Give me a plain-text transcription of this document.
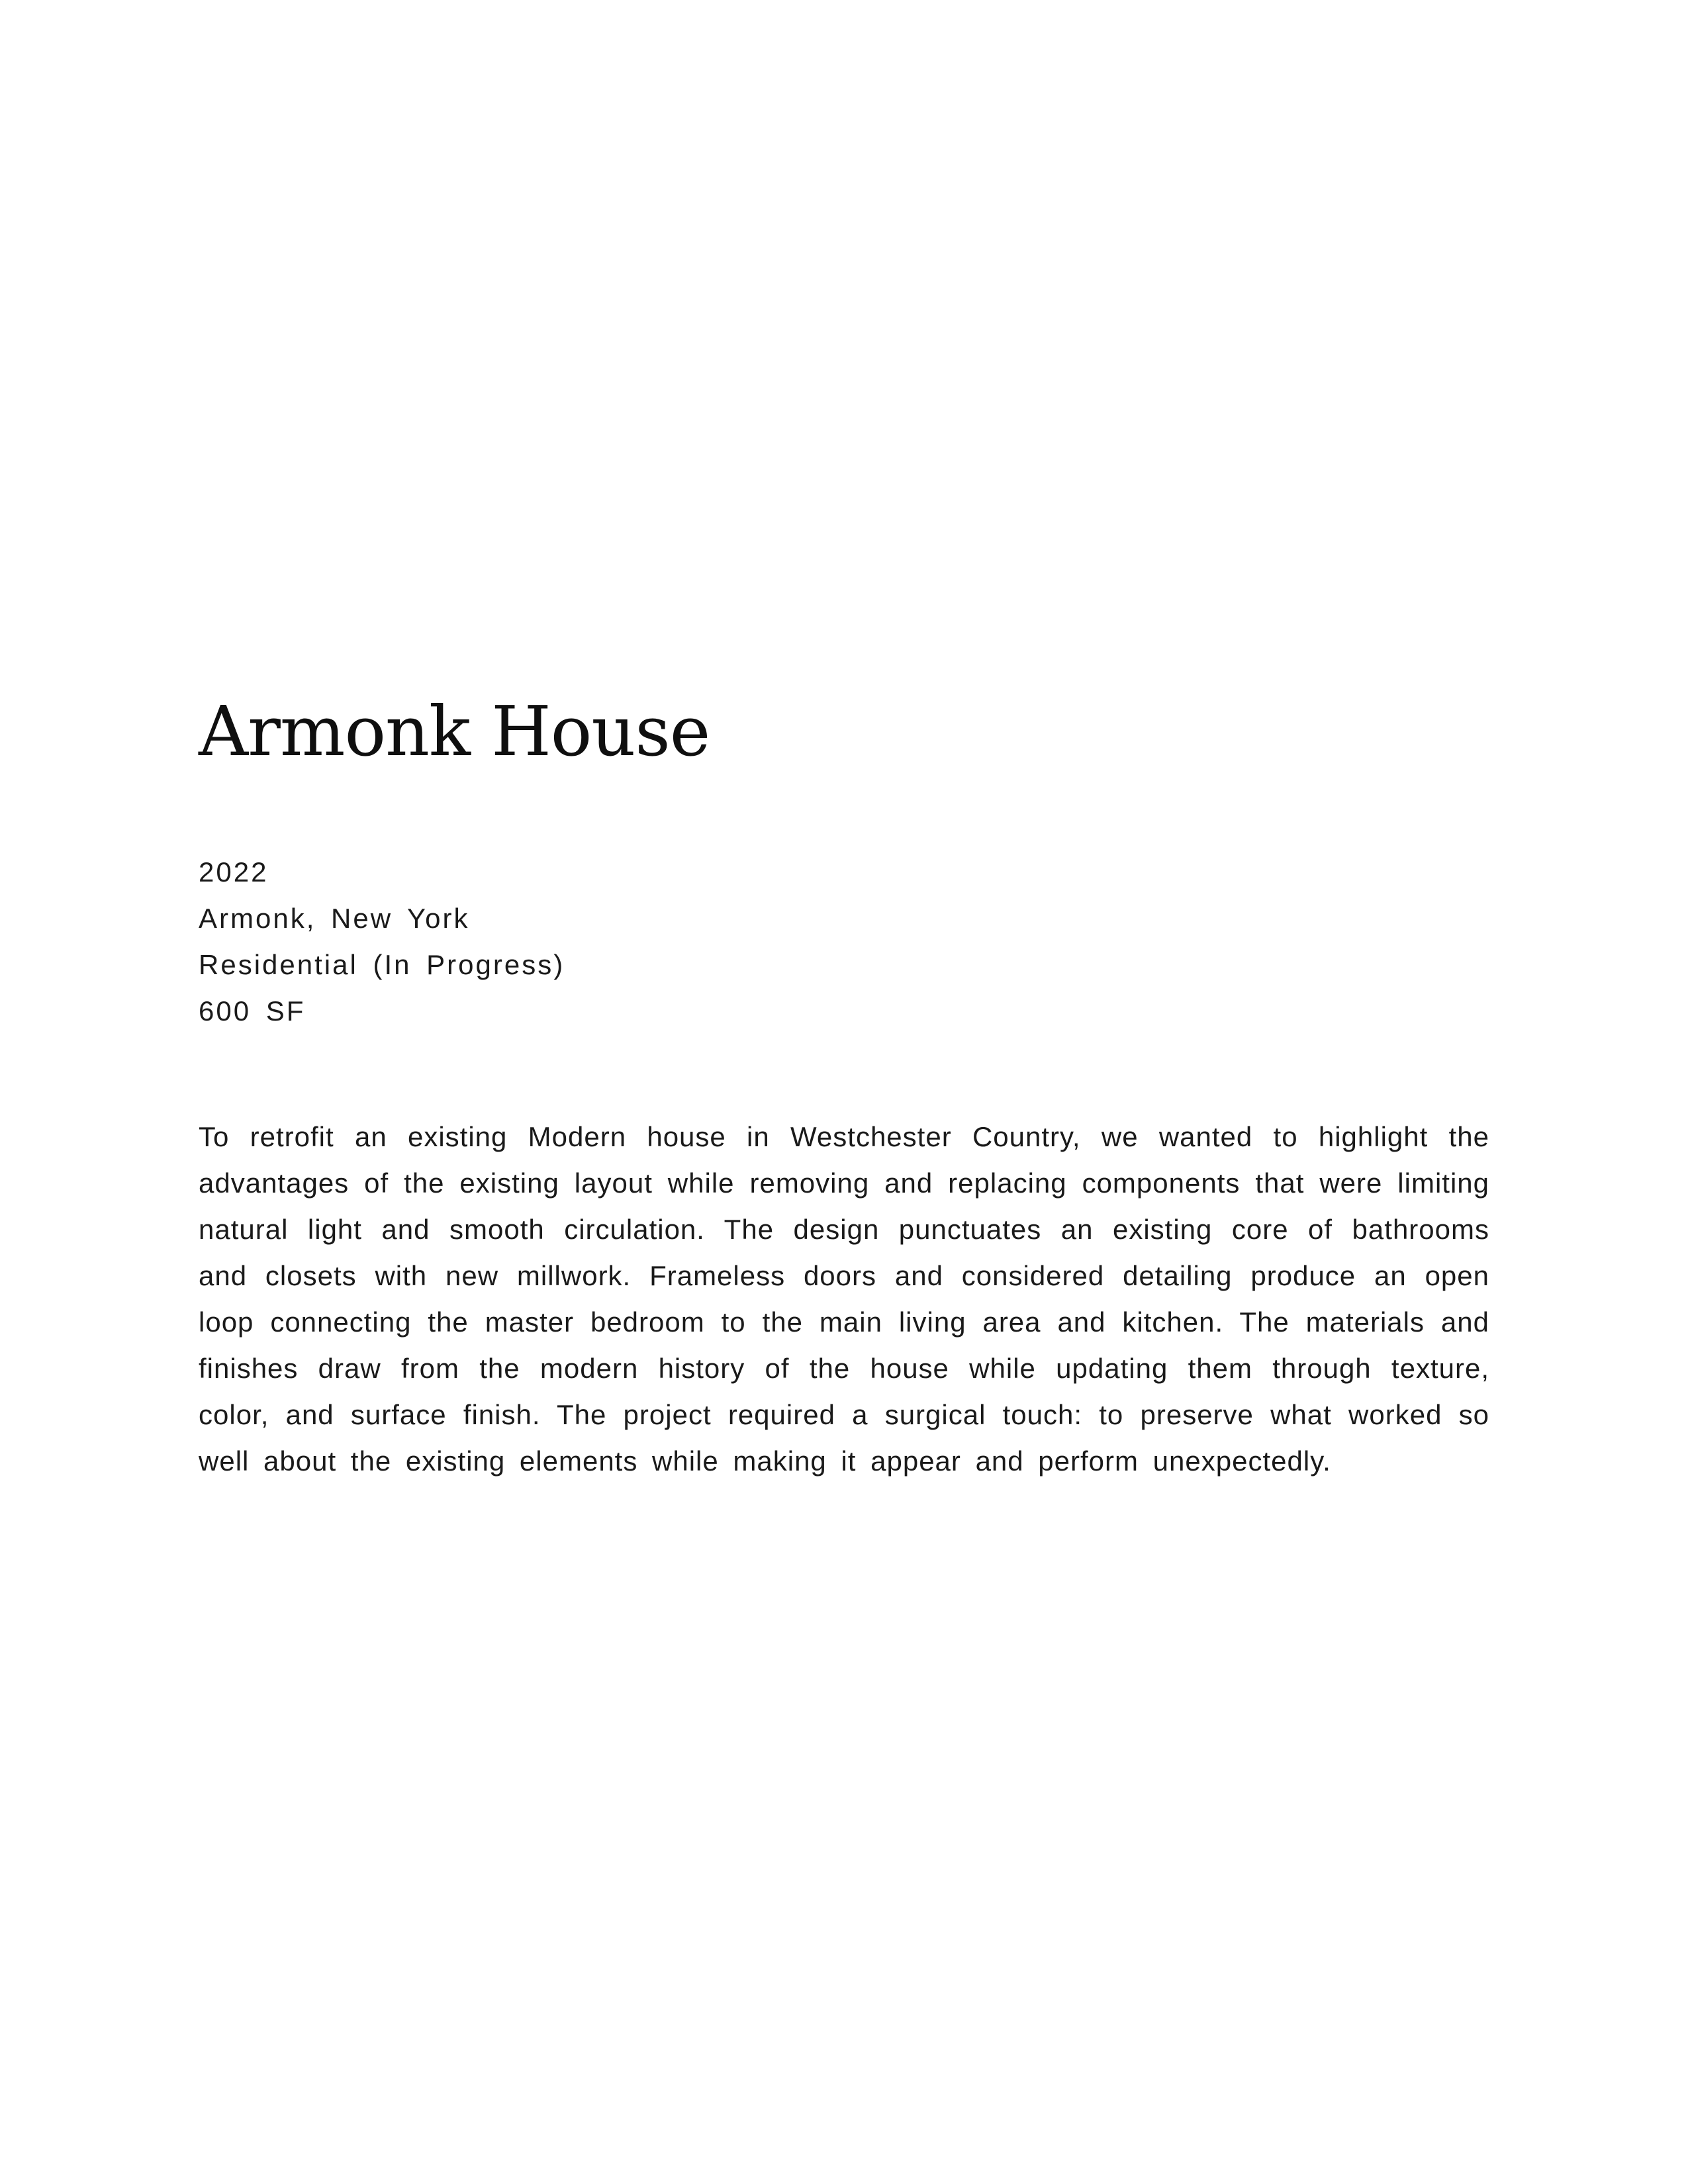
Armonk House
2022
Armonk, New York
Residential (In Progress)
600 SF

To retrofit an existing Modern house in Westchester Country, we wanted to highlight the advantages of the existing layout while removing and replacing components that were limiting natural light and smooth circulation. The design punctuates an existing core of bathrooms and closets with new millwork. Frameless doors and considered detailing produce an open loop connecting the master bedroom to the main living area and kitchen. The materials and finishes draw from the modern history of the house while updating them through texture, color, and surface finish. The project required a surgical touch: to preserve what worked so well about the existing elements while making it appear and perform unexpectedly.
